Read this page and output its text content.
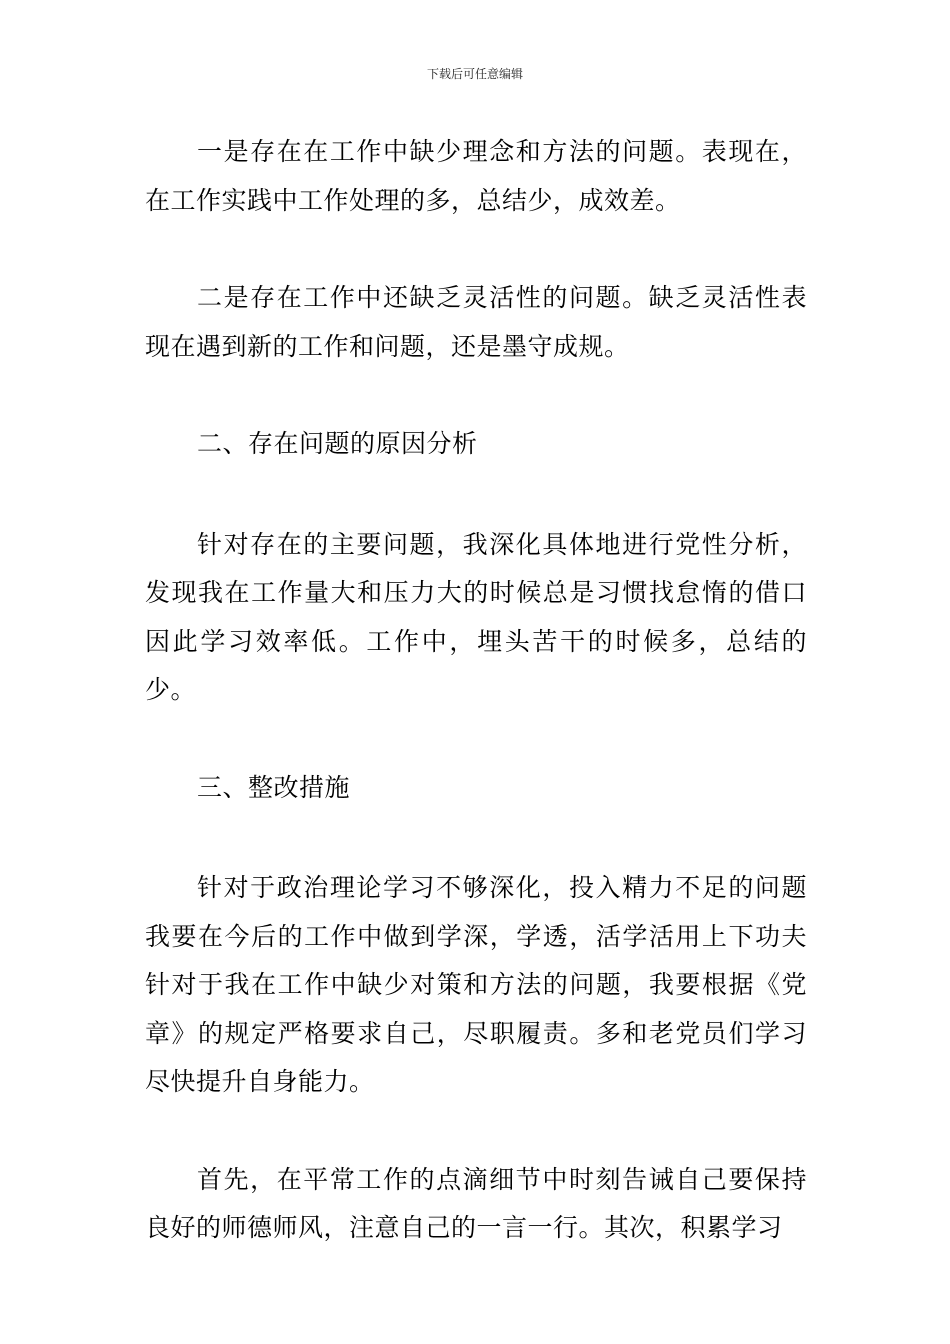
下载后可任意编辑

一是存在在工作中缺少理念和方法的问题。表现在，在工作实践中工作处理的多，总结少，成效差。

二是存在工作中还缺乏灵活性的问题。缺乏灵活性表现在遇到新的工作和问题，还是墨守成规。

二、存在问题的原因分析

针对存在的主要问题，我深化具体地进行党性分析，发现我在工作量大和压力大的时候总是习惯找怠惰的借口因此学习效率低。工作中，埋头苦干的时候多，总结的少。

三、整改措施

针对于政治理论学习不够深化，投入精力不足的问题我要在今后的工作中做到学深，学透，活学活用上下功夫针对于我在工作中缺少对策和方法的问题，我要根据《党章》的规定严格要求自己，尽职履责。多和老党员们学习尽快提升自身能力。

首先，在平常工作的点滴细节中时刻告诫自己要保持良好的师德师风，注意自己的一言一行。其次，积累学习
